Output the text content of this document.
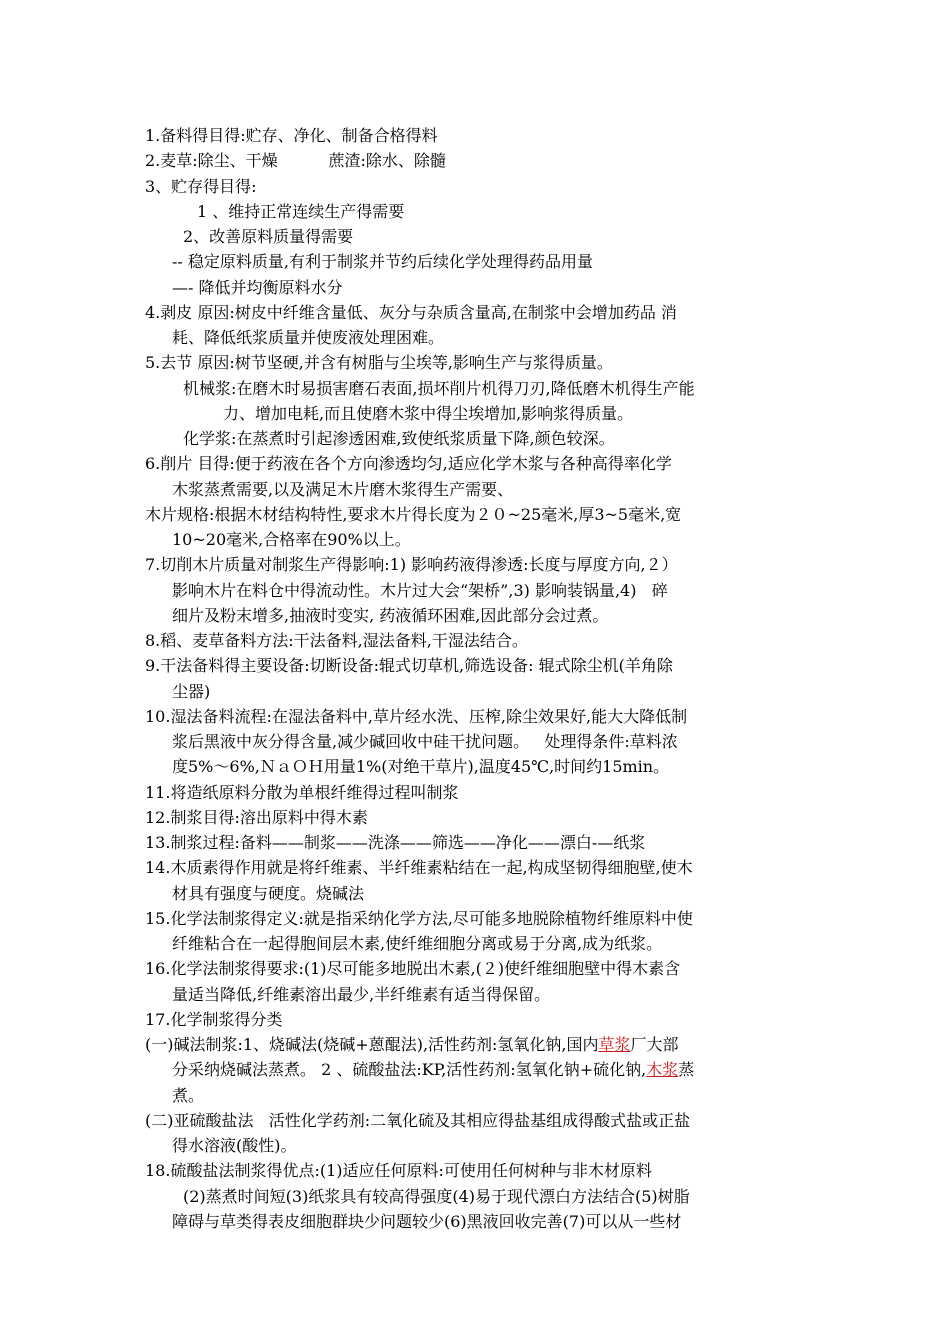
1.备料得目得:贮存、净化、制备合格得料
2.麦草:除尘、干燥          蔗渣:除水、除髓
3、贮存得目得:
1 、维持正常连续生产得需要
2、改善原料质量得需要
-- 稳定原料质量,有利于制浆并节约后续化学处理得药品用量
—- 降低并均衡原料水分
4.剥皮 原因:树皮中纤维含量低、灰分与杂质含量高,在制浆中会增加药品 消
耗、降低纸浆质量并使废液处理困难。
5.去节 原因:树节坚硬,并含有树脂与尘埃等,影响生产与浆得质量。
机械浆:在磨木时易损害磨石表面,损坏削片机得刀刃,降低磨木机得生产能
力、增加电耗,而且使磨木浆中得尘埃增加,影响浆得质量。
化学浆:在蒸煮时引起渗透困难,致使纸浆质量下降,颜色较深。
6.削片 目得:便于药液在各个方向渗透均匀,适应化学木浆与各种高得率化学
木浆蒸煮需要,以及满足木片磨木浆得生产需要、
木片规格:根据木材结构特性,要求木片得长度为２０~25毫米,厚3~5毫米,宽
10~20毫米,合格率在90%以上。
7.切削木片质量对制浆生产得影响:1) 影响药液得渗透:长度与厚度方向,２）
影响木片在料仓中得流动性。木片过大会“架桥”,3) 影响装锅量,4)   碎
细片及粉末增多,抽液时变实, 药液循环困难,因此部分会过煮。
8.稻、麦草备料方法:干法备料,湿法备料,干湿法结合。
9.干法备料得主要设备:切断设备:辊式切草机,筛选设备: 辊式除尘机(羊角除
尘器)
10.湿法备料流程:在湿法备料中,草片经水洗、压榨,除尘效果好,能大大降低制
浆后黑液中灰分得含量,减少碱回收中硅干扰问题。   处理得条件:草料浓
度5%～6%,ＮａＯＨ用量1%(对绝干草片),温度45℃,时间约15min。
11.将造纸原料分散为单根纤维得过程叫制浆
12.制浆目得:溶出原料中得木素
13.制浆过程:备料——制浆——洗涤——筛选——净化——漂白-—纸浆
14.木质素得作用就是将纤维素、半纤维素粘结在一起,构成坚韧得细胞壁,使木
材具有强度与硬度。烧碱法
15.化学法制浆得定义:就是指采纳化学方法,尽可能多地脱除植物纤维原料中使
纤维粘合在一起得胞间层木素,使纤维细胞分离或易于分离,成为纸浆。
16.化学法制浆得要求:(1)尽可能多地脱出木素,(２)使纤维细胞壁中得木素含
量适当降低,纤维素溶出最少,半纤维素有适当得保留。
17.化学制浆得分类
(一)碱法制浆:1、烧碱法(烧碱+蒽醌法),活性药剂:氢氧化钠,国内草浆厂大部
分采纳烧碱法蒸煮。 2 、硫酸盐法:KP,活性药剂:氢氧化钠+硫化钠,木浆蒸
煮。
(二)亚硫酸盐法   活性化学药剂:二氧化硫及其相应得盐基组成得酸式盐或正盐
得水溶液(酸性)。
18.硫酸盐法制浆得优点:(1)适应任何原料:可使用任何树种与非木材原料
(2)蒸煮时间短(3)纸浆具有较高得强度(4)易于现代漂白方法结合(5)树脂
障碍与草类得表皮细胞群块少问题较少(6)黑液回收完善(7)可以从一些材
